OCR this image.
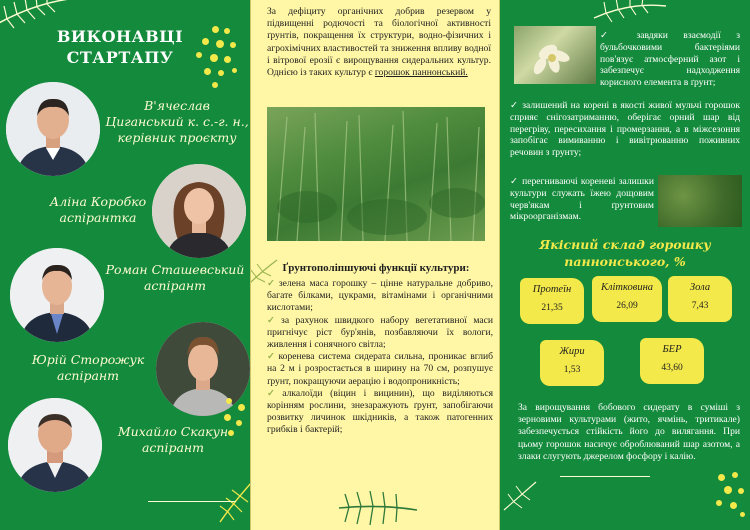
ВИКОНАВЦІ СТАРТАПУ
В'ячеслав Циганський к. с.-г. н., керівник проєкту
Аліна Коробко аспірантка
Роман Сташевський аспірант
Юрій Сторожук аспірант
Михайло Скакун аспірант
За дефіциту органічних добрив резервом у підвищенні родючості та біологічної активності ґрунтів, покращення їх структури, водно-фізичних і агрохімічних властивостей та зниження впливу водної і вітрової ерозії є вирощування сидеральних культур. Однією із таких культур є горошок паннонський.
Ґрунтополіпшуючі функції культури:
✓ зелена маса горошку – цінне натуральне добриво, багате білками, цукрами, вітамінами і органічними кислотами;
✓ за рахунок швидкого набору вегетативної маси пригнічує ріст бур'янів, позбавляючи їх вологи, живлення і сонячного світла;
✓ коренева система сидерата сильна, проникає вглиб на 2 м і розростається в ширину на 70 см, розпушує ґрунт, покращуючи аерацію і водопроникність;
✓ алкалоїди (віцин і вицинин), що виділяються корінням рослини, знезаражують ґрунт, запобігаючи розвитку личинок шкідників, а також патогенних грибків і бактерій;
✓ завдяки взаємодії з бульбочковими бактеріями пов'язує атмосферний азот і забезпечує надходження корисного елемента в ґрунт;
✓ залишений на корені в якості живої мульчі горошок сприяє снігозатриманню, оберігає орний шар від перегріву, пересихання і промерзання, а в міжсезоння запобігає вимиванню і вивітрюванню поживних речовин з ґрунту;
✓ перегниваючі кореневі залишки культури служать їжею дощовим черв'якам і ґрунтовим мікроорганізмам.
Якісний склад горошку паннонського, %
Протеїн
21,35
Клітковина
26,09
Зола
7,43
Жири
1,53
БЕР
43,60
За вирощування бобового сидерату в суміші з зерновими культурами (жито, ячмінь, тритикале) забезпечується стійкість його до вилягання. При цьому горошок насичує оброблюваний шар азотом, а злаки слугують джерелом фосфору і калію.
